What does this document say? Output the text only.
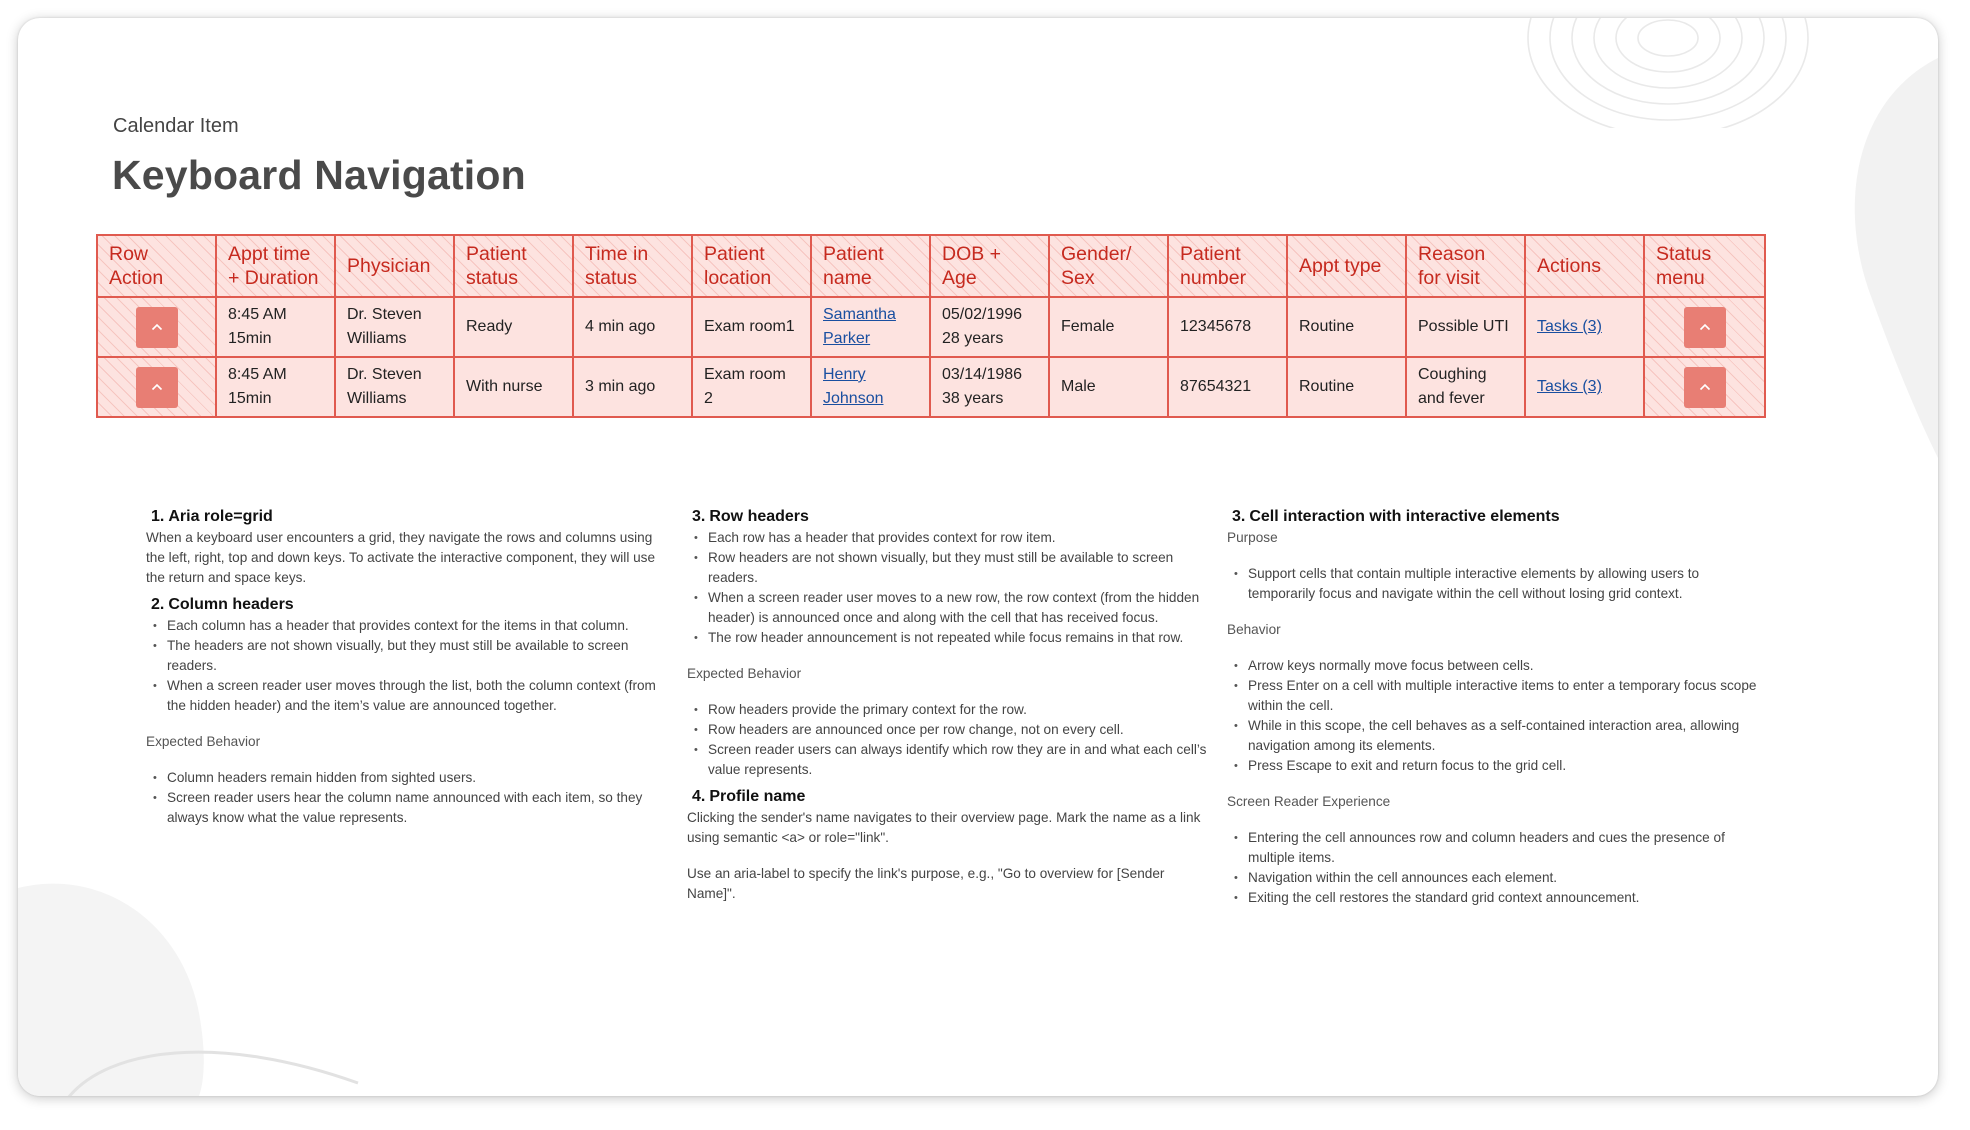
Calendar Item
Keyboard Navigation
Row Action	Appt time + Duration	Physician	Patient status	Time in status	Patient location	Patient name	DOB + Age	Gender/ Sex	Patient number	Appt type	Reason for visit	Actions	Status menu

	8:45 AM 15min	Dr. Steven Williams	Ready	4 min ago	Exam room1	Samantha Parker	05/02/1996 28 years	Female	12345678	Routine	Possible UTI	Tasks (3)	

	8:45 AM 15min	Dr. Steven Williams	With nurse	3 min ago	Exam room 2	Henry Johnson	03/14/1986 38 years	Male	87654321	Routine	Coughing and fever	Tasks (3)	
1. Aria role=grid

When a keyboard user encounters a grid, they navigate the rows and columns using the left, right, top and down keys. To activate the interactive component, they will use the return and space keys.

2. Column headers
• Each column has a header that provides context for the items in that column.
• The headers are not shown visually, but they must still be available to screen readers.
• When a screen reader user moves through the list, both the column context (from the hidden header) and the item’s value are announced together.

Expected Behavior

• Column headers remain hidden from sighted users.
• Screen reader users hear the column name announced with each item, so they always know what the value represents.
3. Row headers
• Each row has a header that provides context for row item.
• Row headers are not shown visually, but they must still be available to screen readers.
• When a screen reader user moves to a new row, the row context (from the hidden header) is announced once and along with the cell that has received focus.
• The row header announcement is not repeated while focus remains in that row.

Expected Behavior

• Row headers provide the primary context for the row.
• Row headers are announced once per row change, not on every cell.
• Screen reader users can always identify which row they are in and what each cell’s value represents.
4. Profile name

Clicking the sender's name navigates to their overview page. Mark the name as a link using semantic <a> or role="link".

Use an aria-label to specify the link's purpose, e.g., "Go to overview for [Sender Name]".

3. Cell interaction with interactive elements

Purpose

• Support cells that contain multiple interactive elements by allowing users to temporarily focus and navigate within the cell without losing grid context.

Behavior

• Arrow keys normally move focus between cells.
• Press Enter on a cell with multiple interactive items to enter a temporary focus scope within the cell.
• While in this scope, the cell behaves as a self-contained interaction area, allowing navigation among its elements.
• Press Escape to exit and return focus to the grid cell.

Screen Reader Experience

• Entering the cell announces row and column headers and cues the presence of multiple items.
• Navigation within the cell announces each element.
• Exiting the cell restores the standard grid context announcement.
